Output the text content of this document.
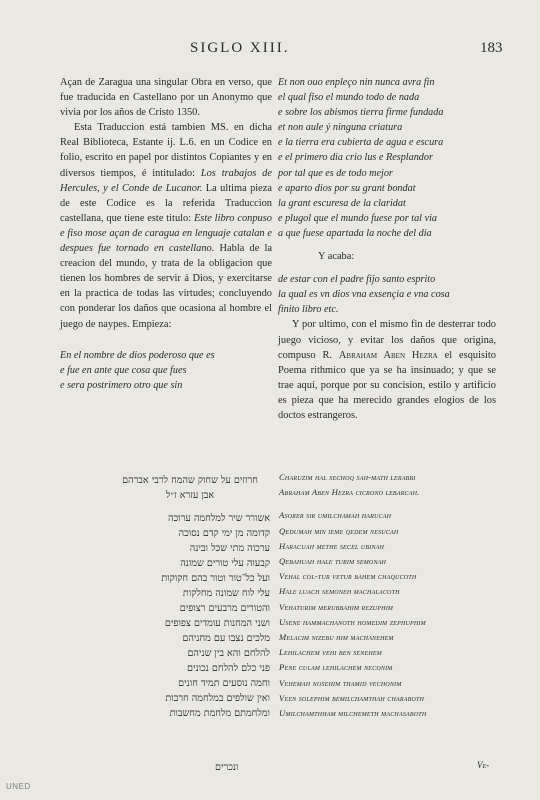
SIGLO XIII.	183

Açan de Zaragua una singular Obra en verso, que fue traducida en Castellano por un Anonymo que vivia por los años de Cristo 1350.

Esta Traduccion está tambien MS. en dicha Real Biblioteca, Estante ij. L.6. en un Codice en folio, escrito en papel por distintos Copiantes y en diversos tiempos, é intitulado: Los trabajos de Hercules, y el Conde de Lucanor. La ultima pieza de este Codice es la referida Traduccion castellana, que tiene este titulo: Este libro conpuso e fiso mose açan de caragua en lenguaje catalan e despues fue tornado en castellano. Habla de la creacion del mundo, y trata de la obligacion que tienen los hombres de servir á Dios, y exercitarse en la practica de todas las virtudes; concluyendo con ponderar los daños que ocasiona al hombre el juego de naypes. Empieza:

En el nombre de dios poderoso que es
e fue en ante que cosa que fues
e sera postrimero otro que sin
Et non ouo enpleço nin nunca avra fin
el qual fiso el mundo todo de nada
e sobre los abismos tierra firme fundada
et non aule ý ninguna criatura
e la tierra era cubierta de agua e escura
e el primero dia crio lus e Resplandor
por tal que es de todo mejor
e aparto dios por su grant bondat
la grant escuresa de la claridat
e plugol que el mundo fuese por tal via
a que fuese apartada la noche del dia
Y acaba:
de estar con el padre fijo santo esprito
la qual es vn dios vna exsençia e vna cosa
finito libro etc.

Y por ultimo, con el mismo fin de desterrar todo juego vicioso, y evitar los daños que origina, compuso R. Abraham Aben Hezra el esquisito Poema rithmico que ya se ha insinuado; y que se trae aquí, porque por su concision, estilo y artificio es pieza que ha merecido grandes elogios de los doctos estrangeros.

חרוזים על שחוק שהמח לרבי אברהם
אבן עזרא ז״ל
אשורר שיר למלחמה ערוכה
קדומה מן ימי קדם נסוכה
ערכוה מתי שכל ובינה
קבעוה עלי טורים שמונה
ועל כל־טור וטור בהם חקוקות
עלי לוח שמונה מחלקות
והטורים מרבעים רצופים
ושני המחנות עומדים צפופים
מלכים נצבו עם מחניהם
להלחם והא בין שניהם
פני כלם להלחם נכונים
וחמה נוסעים תמיד חונים
ואין שולפים במלחמה חרבות
ומלחמתם מלחמת מחשבות
Charuzim hal sechoq sah-math lerabbi
Abraham Aben Hezra cicrono lebarcah.
Asorer sir umilchamah harucah
Qedumah min ieme qedem nesucah
Haracuah methe secel ubinah
Qebahuah hale turim semonah
Vehal col-tur vetur bahem chaqucoth
Hale luach semoneh machalacoth
Vehaturim merubbahim rezuphim
Usene hammachanoth homedim zephuphim
Melacim nizebu him machanehem
Lehilachem vehi ben senehem
Pene culam lehilachem neconim
Vehemah nosehim thamid vechonim
Veen solephim bemilchamthah charaboth
Umilchamthham milchemeth machasaboth
ונכרים	Ve-
UNED
